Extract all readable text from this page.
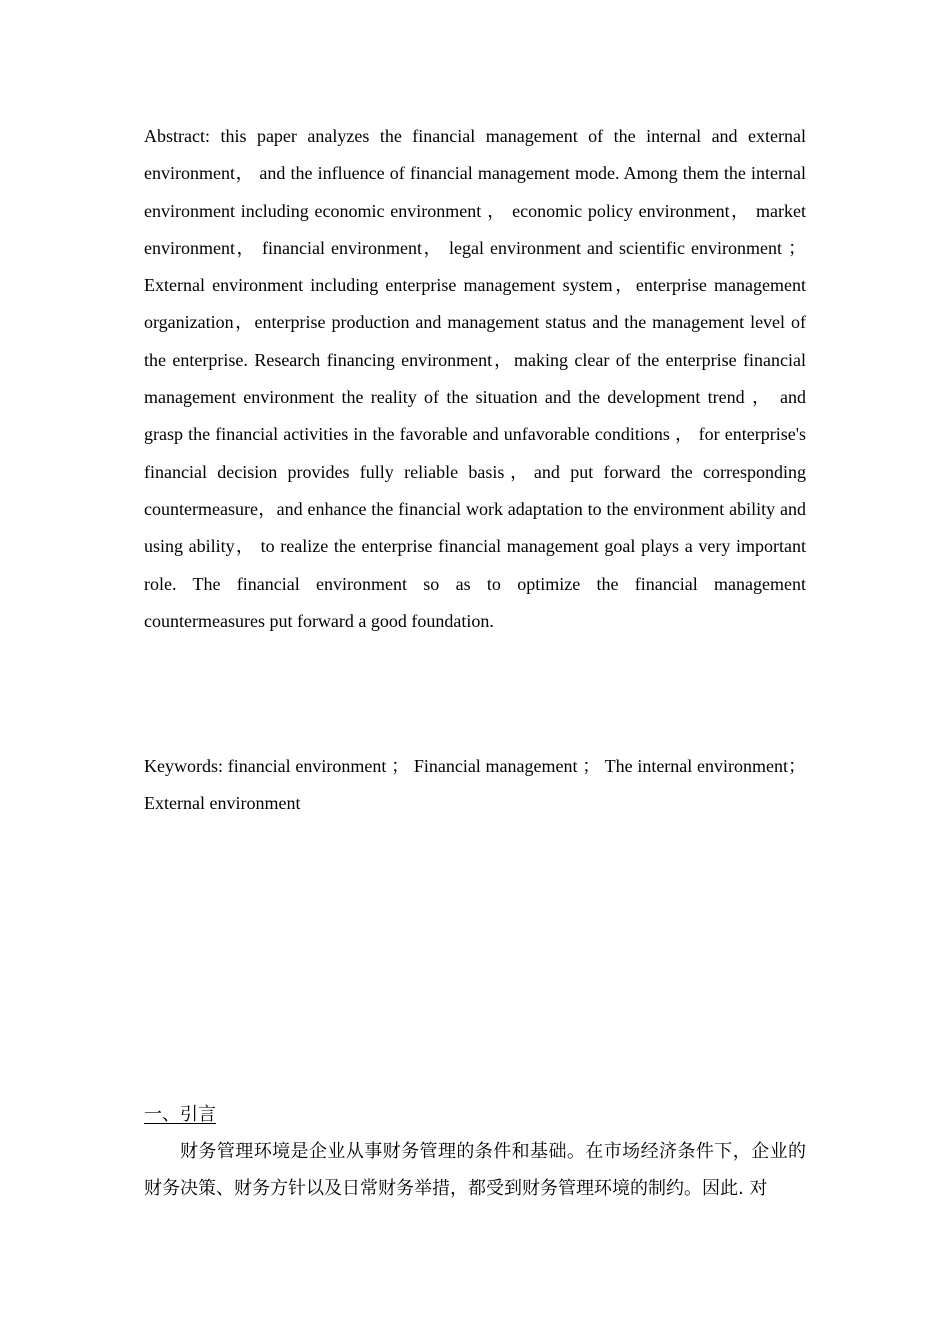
Abstract: this paper analyzes the financial management of the internal and external environment， and the influence of financial management mode. Among them the internal environment including economic environment ， economic policy environment， market environment， financial environment， legal environment and scientific environment ； External environment including enterprise management system，enterprise management organization，enterprise production and management status and the management level of the enterprise. Research financing environment，making clear of the enterprise financial management environment the reality of the situation and the development trend ， and grasp the financial activities in the favorable and unfavorable conditions ， for enterprise's financial decision provides fully reliable basis，and put forward the corresponding countermeasure，and enhance the financial work adaptation to the environment ability and using ability， to realize the enterprise financial management goal plays a very important role. The financial environment so as to optimize the financial management countermeasures put forward a good foundation.

Keywords: financial environment ； Financial management ； The internal environment； External environment

一、引言

财务管理环境是企业从事财务管理的条件和基础。在市场经济条件下，企业的财务决策、财务方针以及日常财务举措，都受到财务管理环境的制约。因此. 对
